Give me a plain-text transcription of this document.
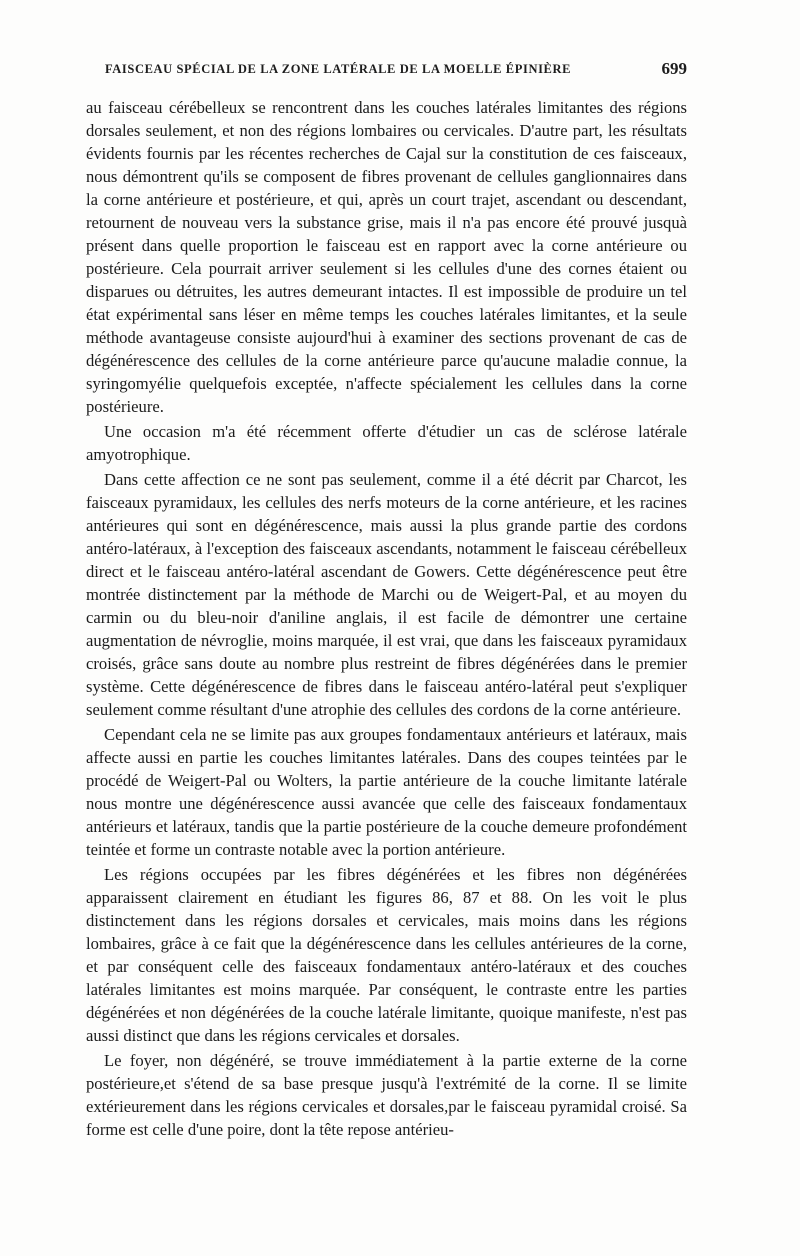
FAISCEAU SPÉCIAL DE LA ZONE LATÉRALE DE LA MOELLE ÉPINIÈRE	699

au faisceau cérébelleux se rencontrent dans les couches latérales limitantes des régions dorsales seulement, et non des régions lombaires ou cervicales. D'autre part, les résultats évidents fournis par les récentes recherches de Cajal sur la constitution de ces faisceaux, nous démontrent qu'ils se composent de fibres provenant de cellules ganglionnaires dans la corne antérieure et postérieure, et qui, après un court trajet, ascendant ou descendant, retournent de nouveau vers la substance grise, mais il n'a pas encore été prouvé jusquà présent dans quelle proportion le faisceau est en rapport avec la corne antérieure ou postérieure. Cela pourrait arriver seulement si les cellules d'une des cornes étaient ou disparues ou détruites, les autres demeurant intactes. Il est impossible de produire un tel état expérimental sans léser en même temps les couches latérales limitantes, et la seule méthode avantageuse consiste aujourd'hui à examiner des sections provenant de cas de dégénérescence des cellules de la corne antérieure parce qu'aucune maladie connue, la syringomyélie quelquefois exceptée, n'affecte spécialement les cellules dans la corne postérieure.

Une occasion m'a été récemment offerte d'étudier un cas de sclérose latérale amyotrophique.

Dans cette affection ce ne sont pas seulement, comme il a été décrit par Charcot, les faisceaux pyramidaux, les cellules des nerfs moteurs de la corne antérieure, et les racines antérieures qui sont en dégénérescence, mais aussi la plus grande partie des cordons antéro-latéraux, à l'exception des faisceaux ascendants, notamment le faisceau cérébelleux direct et le faisceau antéro-latéral ascendant de Gowers. Cette dégénérescence peut être montrée distinctement par la méthode de Marchi ou de Weigert-Pal, et au moyen du carmin ou du bleu-noir d'aniline anglais, il est facile de démontrer une certaine augmentation de névroglie, moins marquée, il est vrai, que dans les faisceaux pyramidaux croisés, grâce sans doute au nombre plus restreint de fibres dégénérées dans le premier système. Cette dégénérescence de fibres dans le faisceau antéro-latéral peut s'expliquer seulement comme résultant d'une atrophie des cellules des cordons de la corne antérieure.

Cependant cela ne se limite pas aux groupes fondamentaux antérieurs et latéraux, mais affecte aussi en partie les couches limitantes latérales. Dans des coupes teintées par le procédé de Weigert-Pal ou Wolters, la partie antérieure de la couche limitante latérale nous montre une dégénérescence aussi avancée que celle des faisceaux fondamentaux antérieurs et latéraux, tandis que la partie postérieure de la couche demeure profondément teintée et forme un contraste notable avec la portion antérieure.

Les régions occupées par les fibres dégénérées et les fibres non dégénérées apparaissent clairement en étudiant les figures 86, 87 et 88. On les voit le plus distinctement dans les régions dorsales et cervicales, mais moins dans les régions lombaires, grâce à ce fait que la dégénérescence dans les cellules antérieures de la corne, et par conséquent celle des faisceaux fondamentaux antéro-latéraux et des couches latérales limitantes est moins marquée. Par conséquent, le contraste entre les parties dégénérées et non dégénérées de la couche latérale limitante, quoique manifeste, n'est pas aussi distinct que dans les régions cervicales et dorsales.

Le foyer, non dégénéré, se trouve immédiatement à la partie externe de la corne postérieure,et s'étend de sa base presque jusqu'à l'extrémité de la corne. Il se limite extérieurement dans les régions cervicales et dorsales,par le faisceau pyramidal croisé. Sa forme est celle d'une poire, dont la tête repose antérieu-
